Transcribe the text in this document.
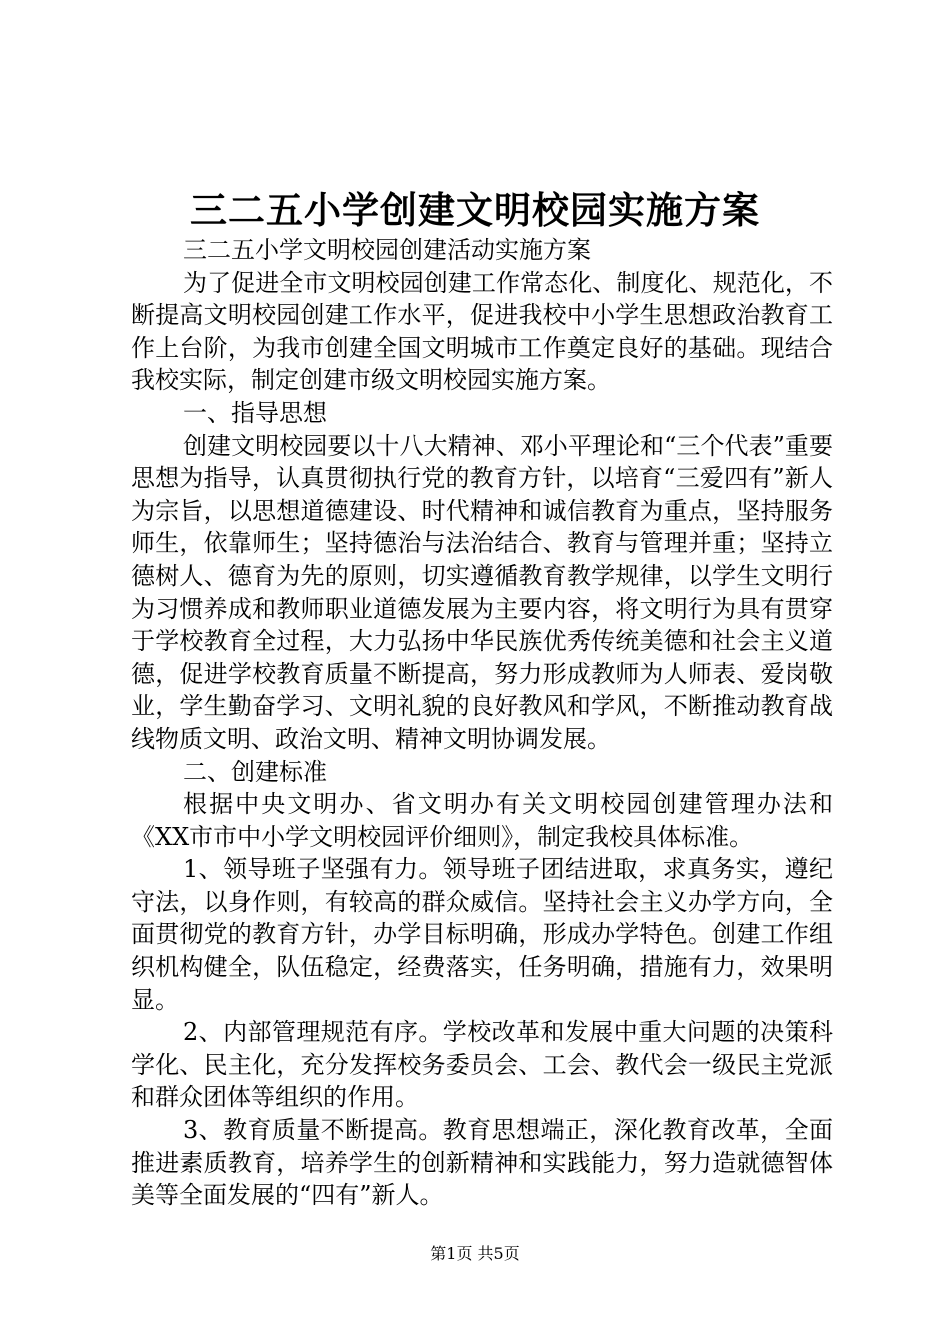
三二五小学创建文明校园实施方案

三二五小学文明校园创建活动实施方案

为了促进全市文明校园创建工作常态化、制度化、规范化，不断提高文明校园创建工作水平，促进我校中小学生思想政治教育工作上台阶，为我市创建全国文明城市工作奠定良好的基础。现结合我校实际，制定创建市级文明校园实施方案。

一、指导思想

创建文明校园要以十八大精神、邓小平理论和“三个代表”重要思想为指导，认真贯彻执行党的教育方针，以培育“三爱四有”新人为宗旨，以思想道德建设、时代精神和诚信教育为重点，坚持服务师生，依靠师生；坚持德治与法治结合、教育与管理并重；坚持立德树人、德育为先的原则，切实遵循教育教学规律，以学生文明行为习惯养成和教师职业道德发展为主要内容，将文明行为具有贯穿于学校教育全过程，大力弘扬中华民族优秀传统美德和社会主义道德，促进学校教育质量不断提高，努力形成教师为人师表、爱岗敬业，学生勤奋学习、文明礼貌的良好教风和学风，不断推动教育战线物质文明、政治文明、精神文明协调发展。

二、创建标准

根据中央文明办、省文明办有关文明校园创建管理办法和《XX市市中小学文明校园评价细则》，制定我校具体标准。

1、领导班子坚强有力。领导班子团结进取，求真务实，遵纪守法，以身作则，有较高的群众威信。坚持社会主义办学方向，全面贯彻党的教育方针，办学目标明确，形成办学特色。创建工作组织机构健全，队伍稳定，经费落实，任务明确，措施有力，效果明显。

2、内部管理规范有序。学校改革和发展中重大问题的决策科学化、民主化，充分发挥校务委员会、工会、教代会一级民主党派和群众团体等组织的作用。

3、教育质量不断提高。教育思想端正，深化教育改革，全面推进素质教育，培养学生的创新精神和实践能力，努力造就德智体美等全面发展的“四有”新人。

第1页 共5页
